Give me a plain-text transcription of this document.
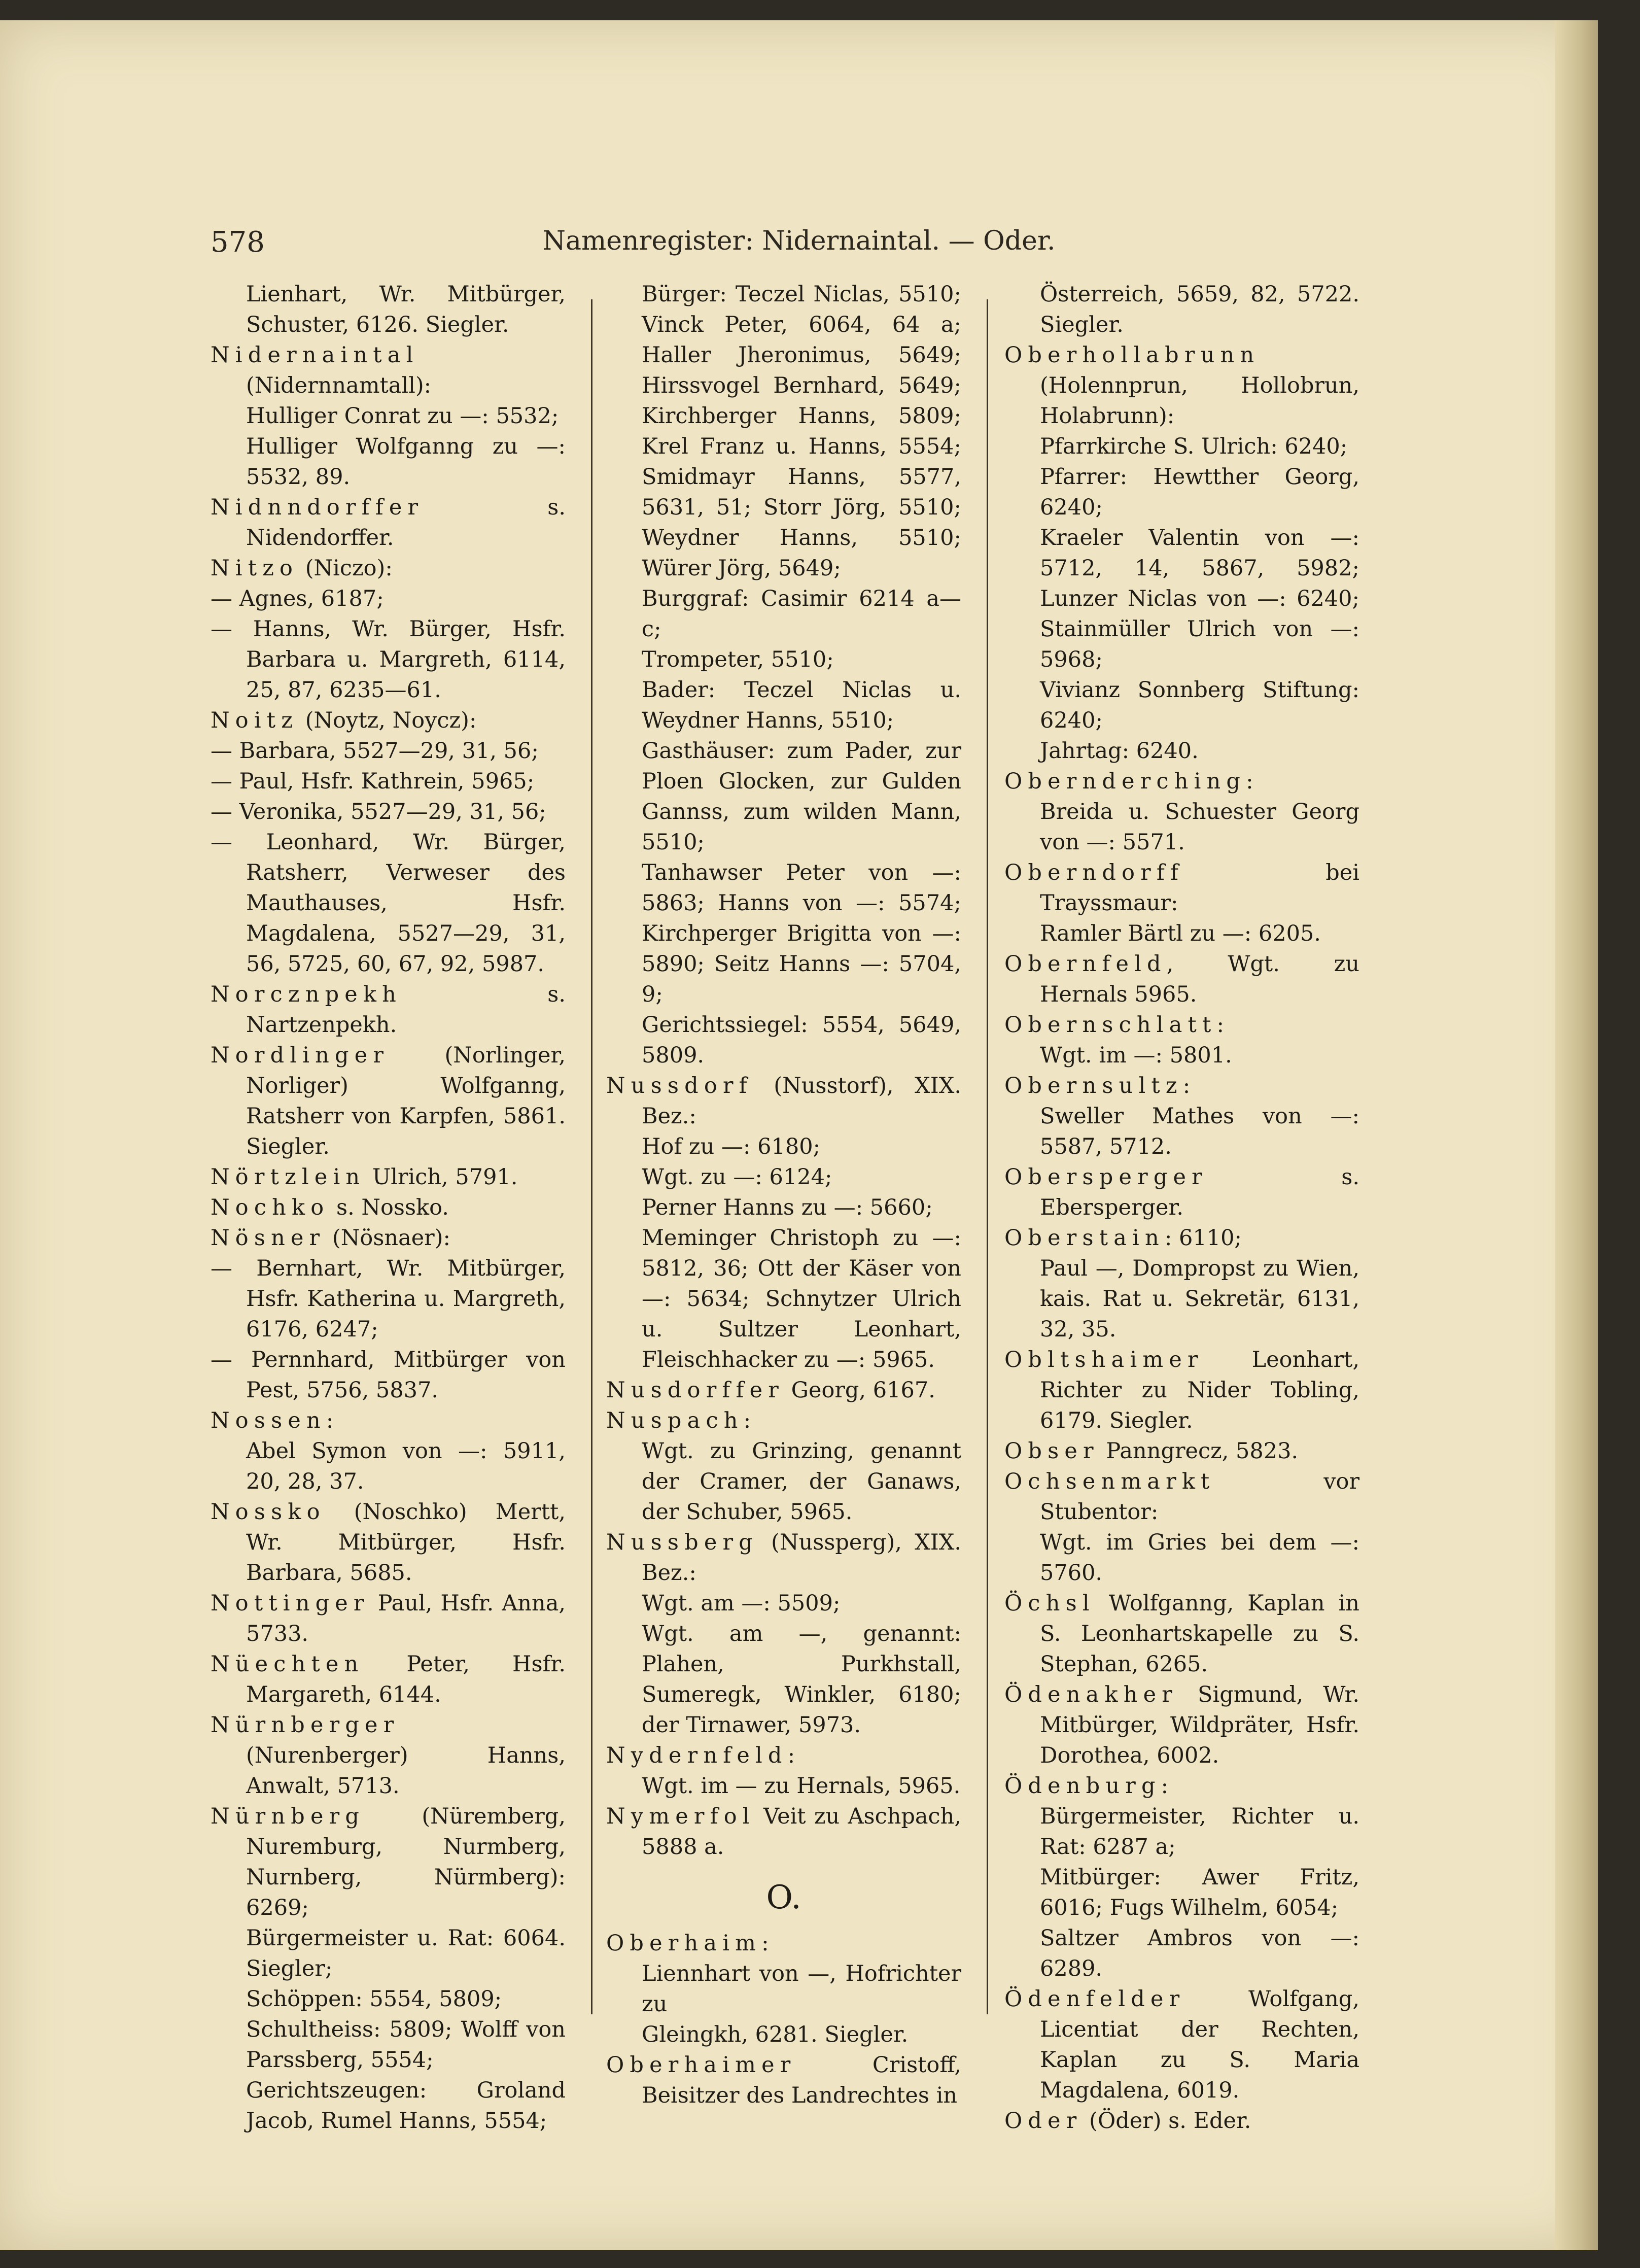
578	Namenregister: Nidernaintal. — Oder.

Lienhart, Wr. Mitbürger, Schuster, 6126. Siegler.

Nidernaintal (Nidernnamtall):

Hulliger Conrat zu —: 5532;

Hulliger Wolfganng zu —: 5532, 89.

Nidnndorffer s. Nidendorffer.

Nitzo (Niczo):

— Agnes, 6187;

— Hanns, Wr. Bürger, Hsfr. Barbara u. Margreth, 6114, 25, 87, 6235—61.

Noitz (Noytz, Noycz):

— Barbara, 5527—29, 31, 56;

— Paul, Hsfr. Kathrein, 5965;

— Veronika, 5527—29, 31, 56;

— Leonhard, Wr. Bürger, Ratsherr, Verweser des Mauthauses, Hsfr. Magdalena, 5527—29, 31, 56, 5725, 60, 67, 92, 5987.

Norcznpekh s. Nartzenpekh.

Nordlinger (Norlinger, Norliger) Wolfganng, Ratsherr von Karpfen, 5861. Siegler.

Nörtzlein Ulrich, 5791.

Nochko s. Nossko.

Nösner (Nösnaer):

— Bernhart, Wr. Mitbürger, Hsfr. Katherina u. Margreth, 6176, 6247;

— Pernnhard, Mitbürger von Pest, 5756, 5837.

Nossen:

Abel Symon von —: 5911, 20, 28, 37.

Nossko (Noschko) Mertt, Wr. Mitbürger, Hsfr. Barbara, 5685.

Nottinger Paul, Hsfr. Anna, 5733.

Nüechten Peter, Hsfr. Margareth, 6144.

Nürnberger (Nurenberger) Hanns, Anwalt, 5713.

Nürnberg (Nüremberg, Nuremburg, Nurmberg, Nurnberg, Nürmberg): 6269;

Bürgermeister u. Rat: 6064. Siegler;

Schöppen: 5554, 5809;

Schultheiss: 5809; Wolff von Parssberg, 5554;

Gerichtszeugen: Groland Jacob, Rumel Hanns, 5554;

Bürger: Teczel Niclas, 5510; Vinck Peter, 6064, 64 a; Haller Jheronimus, 5649; Hirssvogel Bernhard, 5649; Kirchberger Hanns, 5809; Krel Franz u. Hanns, 5554; Smidmayr Hanns, 5577, 5631, 51; Storr Jörg, 5510; Weydner Hanns, 5510; Würer Jörg, 5649;

Burggraf: Casimir 6214 a—c;

Trompeter, 5510;

Bader: Teczel Niclas u. Weydner Hanns, 5510;

Gasthäuser: zum Pader, zur Ploen Glocken, zur Gulden Gannss, zum wilden Mann, 5510;

Tanhawser Peter von —: 5863; Hanns von —: 5574; Kirchperger Brigitta von —: 5890; Seitz Hanns —: 5704, 9;

Gerichtssiegel: 5554, 5649, 5809.

Nussdorf (Nusstorf), XIX. Bez.:

Hof zu —: 6180;

Wgt. zu —: 6124;

Perner Hanns zu —: 5660;

Meminger Christoph zu —: 5812, 36; Ott der Käser von —: 5634; Schnytzer Ulrich u. Sultzer Leonhart, Fleischhacker zu —: 5965.

Nusdorffer Georg, 6167.

Nuspach:

Wgt. zu Grinzing, genannt der Cramer, der Ganaws, der Schuber, 5965.

Nussberg (Nussperg), XIX. Bez.:

Wgt. am —: 5509;

Wgt. am —, genannt: Plahen, Purkhstall, Sumeregk, Winkler, 6180; der Tirnawer, 5973.

Nydernfeld:

Wgt. im — zu Hernals, 5965.

Nymerfol Veit zu Aschpach, 5888 a.

O.

Oberhaim:

Liennhart von —, Hofrichter zu

Gleingkh, 6281. Siegler.

Oberhaimer Cristoff, Beisitzer des Landrechtes in

Österreich, 5659, 82, 5722. Siegler.

Oberhollabrunn (Holennprun, Hollobrun, Holabrunn):

Pfarrkirche S. Ulrich: 6240;

Pfarrer: Hewtther Georg, 6240;

Kraeler Valentin von —: 5712, 14, 5867, 5982; Lunzer Niclas von —: 6240; Stainmüller Ulrich von —: 5968;

Vivianz Sonnberg Stiftung: 6240;

Jahrtag: 6240.

Obernderching:

Breida u. Schuester Georg von —: 5571.

Oberndorff bei Trayssmaur:

Ramler Bärtl zu —: 6205.

Obernfeld, Wgt. zu Hernals 5965.

Obernschlatt:

Wgt. im —: 5801.

Obernsultz:

Sweller Mathes von —: 5587, 5712.

Obersperger s. Ebersperger.

Oberstain: 6110;

Paul —, Dompropst zu Wien, kais. Rat u. Sekretär, 6131, 32, 35.

Obltshaimer Leonhart, Richter zu Nider Tobling, 6179. Siegler.

Obser Panngrecz, 5823.

Ochsenmarkt vor Stubentor:

Wgt. im Gries bei dem —: 5760.

Öchsl Wolfganng, Kaplan in S. Leonhartskapelle zu S. Stephan, 6265.

Ödenakher Sigmund, Wr. Mitbürger, Wildpräter, Hsfr. Dorothea, 6002.

Ödenburg:

Bürgermeister, Richter u. Rat: 6287 a;

Mitbürger: Awer Fritz, 6016; Fugs Wilhelm, 6054;

Saltzer Ambros von —: 6289.

Ödenfelder Wolfgang, Licentiat der Rechten, Kaplan zu S. Maria Magdalena, 6019.

Oder (Öder) s. Eder.
